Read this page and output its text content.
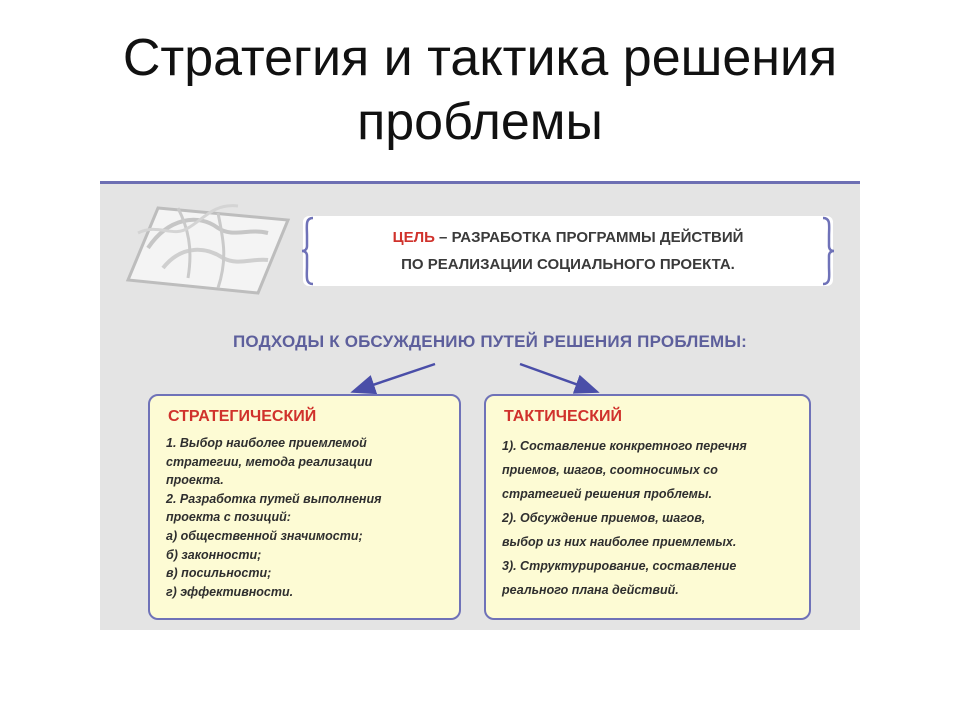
Стратегия и тактика решения
проблемы
ЦЕЛЬ – РАЗРАБОТКА ПРОГРАММЫ ДЕЙСТВИЙ
ПО РЕАЛИЗАЦИИ СОЦИАЛЬНОГО ПРОЕКТА.
ПОДХОДЫ К ОБСУЖДЕНИЮ ПУТЕЙ РЕШЕНИЯ ПРОБЛЕМЫ:
СТРАТЕГИЧЕСКИЙ
1. Выбор наиболее приемлемой
стратегии, метода реализации
проекта.
2. Разработка путей выполнения
проекта с позиций:
а) общественной значимости;
б) законности;
в) посильности;
г) эффективности.
ТАКТИЧЕСКИЙ
1). Составление конкретного перечня
приемов, шагов, соотносимых со
стратегией решения проблемы.
2). Обсуждение приемов, шагов,
выбор из них наиболее приемлемых.
3). Структурирование, составление
реального плана действий.
